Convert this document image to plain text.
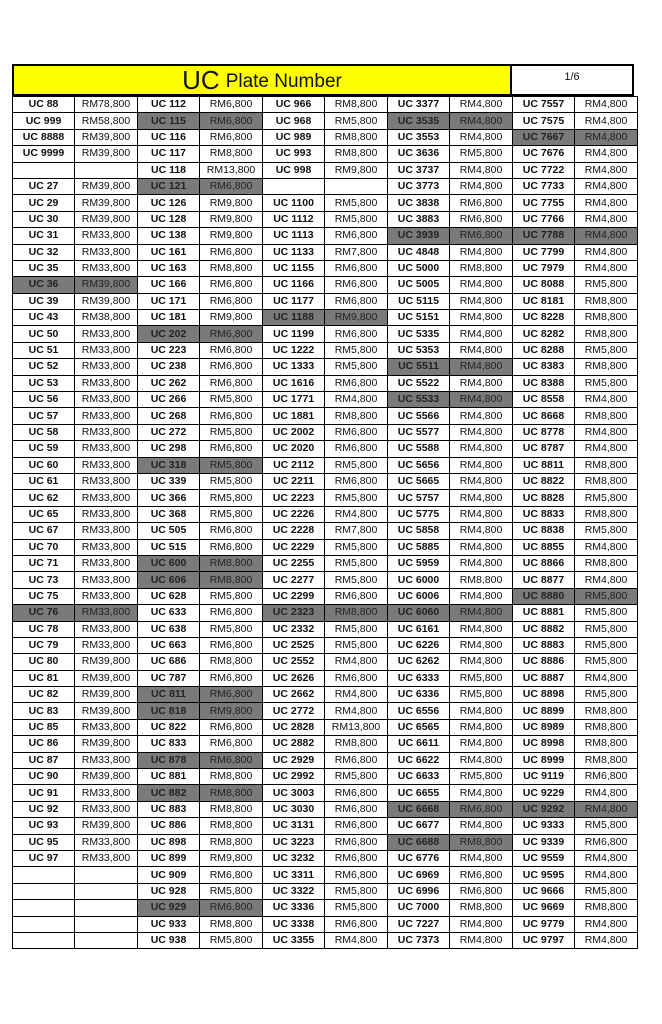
UC Plate Number	1/6
UC 88	RM78,800	UC 112	RM6,800	UC 966	RM8,800	UC 3377	RM4,800	UC 7557	RM4,800
UC 999	RM58,800	UC 115	RM6,800	UC 968	RM5,800	UC 3535	RM4,800	UC 7575	RM4,800
UC 8888	RM39,800	UC 116	RM6,800	UC 989	RM8,800	UC 3553	RM4,800	UC 7667	RM4,800
UC 9999	RM39,800	UC 117	RM8,800	UC 993	RM8,800	UC 3636	RM5,800	UC 7676	RM4,800
		UC 118	RM13,800	UC 998	RM9,800	UC 3737	RM4,800	UC 7722	RM4,800
UC 27	RM39,800	UC 121	RM6,800			UC 3773	RM4,800	UC 7733	RM4,800
UC 29	RM39,800	UC 126	RM9,800	UC 1100	RM5,800	UC 3838	RM6,800	UC 7755	RM4,800
UC 30	RM39,800	UC 128	RM9,800	UC 1112	RM5,800	UC 3883	RM6,800	UC 7766	RM4,800
UC 31	RM33,800	UC 138	RM9,800	UC 1113	RM6,800	UC 3939	RM6,800	UC 7788	RM4,800
UC 32	RM33,800	UC 161	RM6,800	UC 1133	RM7,800	UC 4848	RM4,800	UC 7799	RM4,800
UC 35	RM33,800	UC 163	RM8,800	UC 1155	RM6,800	UC 5000	RM8,800	UC 7979	RM4,800
UC 36	RM39,800	UC 166	RM6,800	UC 1166	RM6,800	UC 5005	RM4,800	UC 8088	RM5,800
UC 39	RM39,800	UC 171	RM6,800	UC 1177	RM6,800	UC 5115	RM4,800	UC 8181	RM8,800
UC 43	RM38,800	UC 181	RM9,800	UC 1188	RM9,800	UC 5151	RM4,800	UC 8228	RM8,800
UC 50	RM33,800	UC 202	RM6,800	UC 1199	RM6,800	UC 5335	RM4,800	UC 8282	RM8,800
UC 51	RM33,800	UC 223	RM6,800	UC 1222	RM5,800	UC 5353	RM4,800	UC 8288	RM5,800
UC 52	RM33,800	UC 238	RM6,800	UC 1333	RM5,800	UC 5511	RM4,800	UC 8383	RM8,800
UC 53	RM33,800	UC 262	RM6,800	UC 1616	RM6,800	UC 5522	RM4,800	UC 8388	RM5,800
UC 56	RM33,800	UC 266	RM5,800	UC 1771	RM4,800	UC 5533	RM4,800	UC 8558	RM4,800
UC 57	RM33,800	UC 268	RM6,800	UC 1881	RM8,800	UC 5566	RM4,800	UC 8668	RM8,800
UC 58	RM33,800	UC 272	RM5,800	UC 2002	RM6,800	UC 5577	RM4,800	UC 8778	RM4,800
UC 59	RM33,800	UC 298	RM6,800	UC 2020	RM6,800	UC 5588	RM4,800	UC 8787	RM4,800
UC 60	RM33,800	UC 318	RM5,800	UC 2112	RM5,800	UC 5656	RM4,800	UC 8811	RM8,800
UC 61	RM33,800	UC 339	RM5,800	UC 2211	RM6,800	UC 5665	RM4,800	UC 8822	RM8,800
UC 62	RM33,800	UC 366	RM5,800	UC 2223	RM5,800	UC 5757	RM4,800	UC 8828	RM5,800
UC 65	RM33,800	UC 368	RM5,800	UC 2226	RM4,800	UC 5775	RM4,800	UC 8833	RM8,800
UC 67	RM33,800	UC 505	RM6,800	UC 2228	RM7,800	UC 5858	RM4,800	UC 8838	RM5,800
UC 70	RM33,800	UC 515	RM6,800	UC 2229	RM5,800	UC 5885	RM4,800	UC 8855	RM4,800
UC 71	RM33,800	UC 600	RM8,800	UC 2255	RM5,800	UC 5959	RM4,800	UC 8866	RM8,800
UC 73	RM33,800	UC 606	RM8,800	UC 2277	RM5,800	UC 6000	RM8,800	UC 8877	RM4,800
UC 75	RM33,800	UC 628	RM5,800	UC 2299	RM6,800	UC 6006	RM4,800	UC 8880	RM5,800
UC 76	RM33,800	UC 633	RM6,800	UC 2323	RM8,800	UC 6060	RM4,800	UC 8881	RM5,800
UC 78	RM33,800	UC 638	RM5,800	UC 2332	RM5,800	UC 6161	RM4,800	UC 8882	RM5,800
UC 79	RM33,800	UC 663	RM6,800	UC 2525	RM5,800	UC 6226	RM4,800	UC 8883	RM5,800
UC 80	RM39,800	UC 686	RM8,800	UC 2552	RM4,800	UC 6262	RM4,800	UC 8886	RM5,800
UC 81	RM39,800	UC 787	RM6,800	UC 2626	RM6,800	UC 6333	RM5,800	UC 8887	RM4,800
UC 82	RM39,800	UC 811	RM6,800	UC 2662	RM4,800	UC 6336	RM5,800	UC 8898	RM5,800
UC 83	RM39,800	UC 818	RM9,800	UC 2772	RM4,800	UC 6556	RM4,800	UC 8899	RM8,800
UC 85	RM33,800	UC 822	RM6,800	UC 2828	RM13,800	UC 6565	RM4,800	UC 8989	RM8,800
UC 86	RM39,800	UC 833	RM6,800	UC 2882	RM8,800	UC 6611	RM4,800	UC 8998	RM8,800
UC 87	RM33,800	UC 878	RM6,800	UC 2929	RM6,800	UC 6622	RM4,800	UC 8999	RM8,800
UC 90	RM39,800	UC 881	RM8,800	UC 2992	RM5,800	UC 6633	RM5,800	UC 9119	RM6,800
UC 91	RM33,800	UC 882	RM8,800	UC 3003	RM6,800	UC 6655	RM4,800	UC 9229	RM4,800
UC 92	RM33,800	UC 883	RM8,800	UC 3030	RM6,800	UC 6668	RM6,800	UC 9292	RM4,800
UC 93	RM39,800	UC 886	RM8,800	UC 3131	RM6,800	UC 6677	RM4,800	UC 9333	RM5,800
UC 95	RM33,800	UC 898	RM8,800	UC 3223	RM6,800	UC 6688	RM8,800	UC 9339	RM6,800
UC 97	RM33,800	UC 899	RM9,800	UC 3232	RM6,800	UC 6776	RM4,800	UC 9559	RM4,800
		UC 909	RM6,800	UC 3311	RM6,800	UC 6969	RM6,800	UC 9595	RM4,800
		UC 928	RM5,800	UC 3322	RM5,800	UC 6996	RM6,800	UC 9666	RM5,800
		UC 929	RM6,800	UC 3336	RM5,800	UC 7000	RM8,800	UC 9669	RM8,800
		UC 933	RM8,800	UC 3338	RM6,800	UC 7227	RM4,800	UC 9779	RM4,800
		UC 938	RM5,800	UC 3355	RM4,800	UC 7373	RM4,800	UC 9797	RM4,800
